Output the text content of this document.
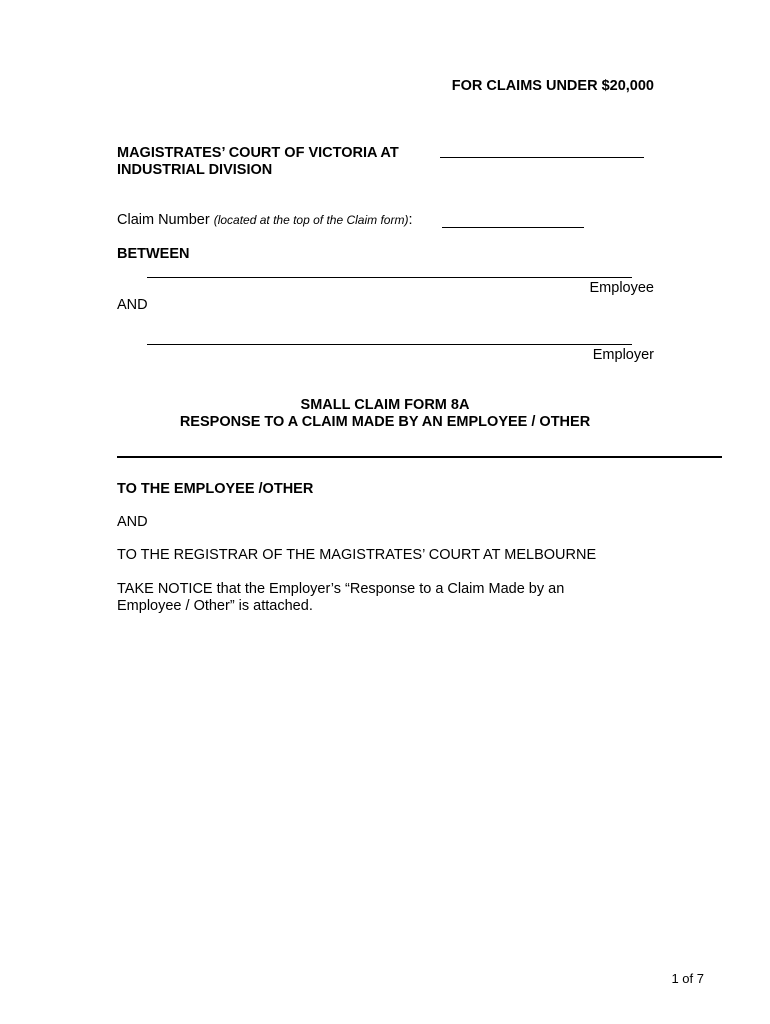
FOR CLAIMS UNDER $20,000
MAGISTRATES’ COURT OF VICTORIA AT
INDUSTRIAL DIVISION
Claim Number (located at the top of the Claim form):
BETWEEN
Employee
AND
Employer
SMALL CLAIM FORM 8A
RESPONSE TO A CLAIM MADE BY AN EMPLOYEE / OTHER
TO THE EMPLOYEE /OTHER
AND
TO THE REGISTRAR OF THE MAGISTRATES’ COURT AT MELBOURNE
TAKE NOTICE that the Employer’s “Response to a Claim Made by an
Employee / Other” is attached.
1 of 7
